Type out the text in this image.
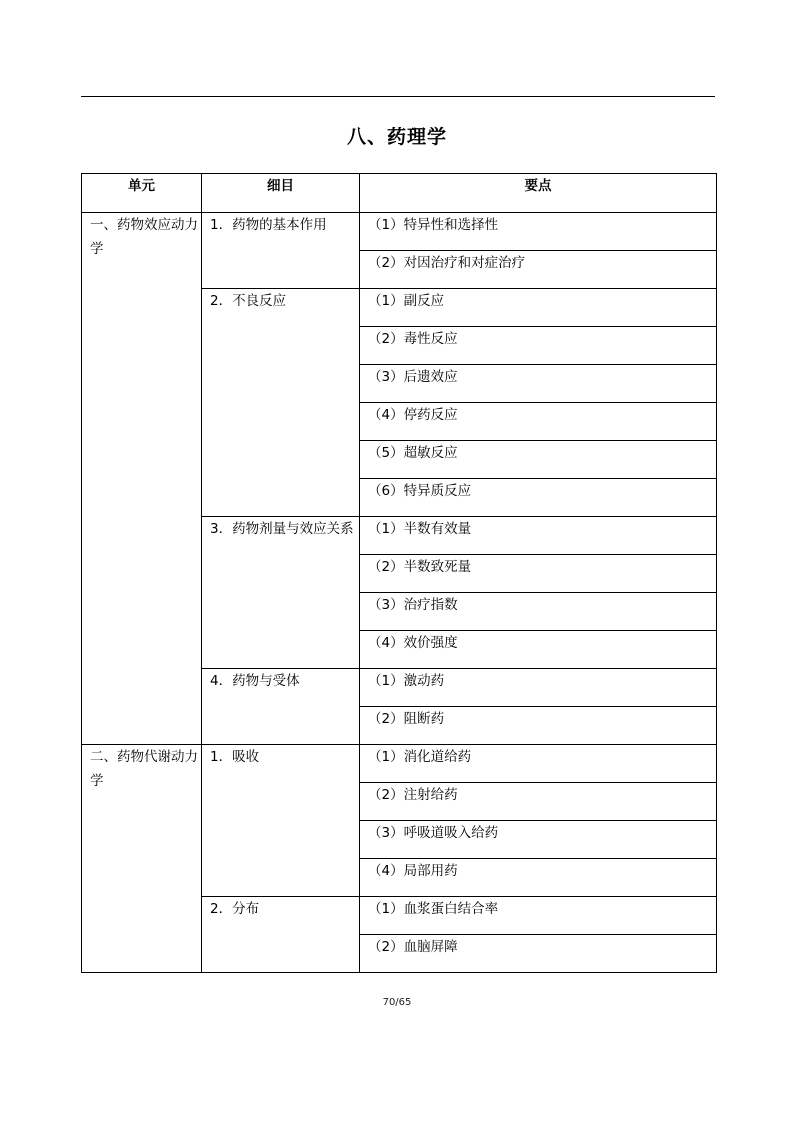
八、药理学
单元	细目	要点
一、药物效应动力学	1．药物的基本作用	（1）特异性和选择性
		（2）对因治疗和对症治疗
	2．不良反应	（1）副反应
		（2）毒性反应
		（3）后遗效应
		（4）停药反应
		（5）超敏反应
		（6）特异质反应
	3．药物剂量与效应关系	（1）半数有效量
		（2）半数致死量
		（3）治疗指数
		（4）效价强度
	4．药物与受体	（1）激动药
		（2）阻断药
二、药物代谢动力学	1．吸收	（1）消化道给药
		（2）注射给药
		（3）呼吸道吸入给药
		（4）局部用药
	2．分布	（1）血浆蛋白结合率
		（2）血脑屏障
70/65
